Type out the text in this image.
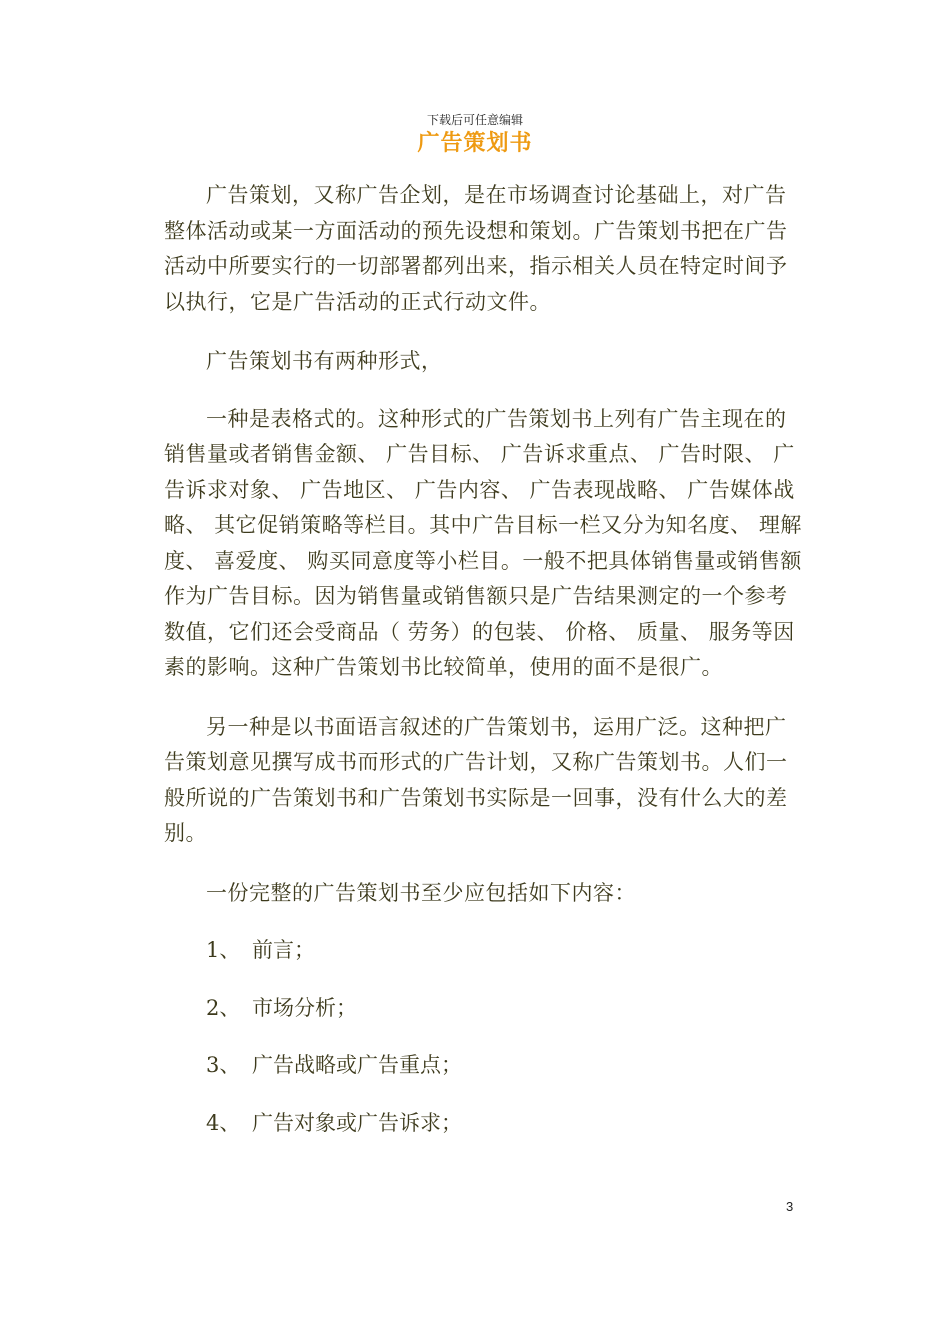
下载后可任意编辑
广告策划书

广告策划，又称广告企划，是在市场调查讨论基础上，对广告整体活动或某一方面活动的预先设想和策划。广告策划书把在广告活动中所要实行的一切部署都列出来，指示相关人员在特定时间予以执行，它是广告活动的正式行动文件。

广告策划书有两种形式，

一种是表格式的。这种形式的广告策划书上列有广告主现在的销售量或者销售金额、 广告目标、 广告诉求重点、 广告时限、 广告诉求对象、 广告地区、 广告内容、 广告表现战略、 广告媒体战略、 其它促销策略等栏目。其中广告目标一栏又分为知名度、 理解度、 喜爱度、 购买同意度等小栏目。一般不把具体销售量或销售额作为广告目标。因为销售量或销售额只是广告结果测定的一个参考数值，它们还会受商品（ 劳务）的包装、 价格、 质量、 服务等因素的影响。这种广告策划书比较简单，使用的面不是很广。

另一种是以书面语言叙述的广告策划书，运用广泛。这种把广告策划意见撰写成书而形式的广告计划，又称广告策划书。人们一般所说的广告策划书和广告策划书实际是一回事，没有什么大的差别。

一份完整的广告策划书至少应包括如下内容：

1、 前言；
2、 市场分析；
3、 广告战略或广告重点；
4、 广告对象或广告诉求；
3
